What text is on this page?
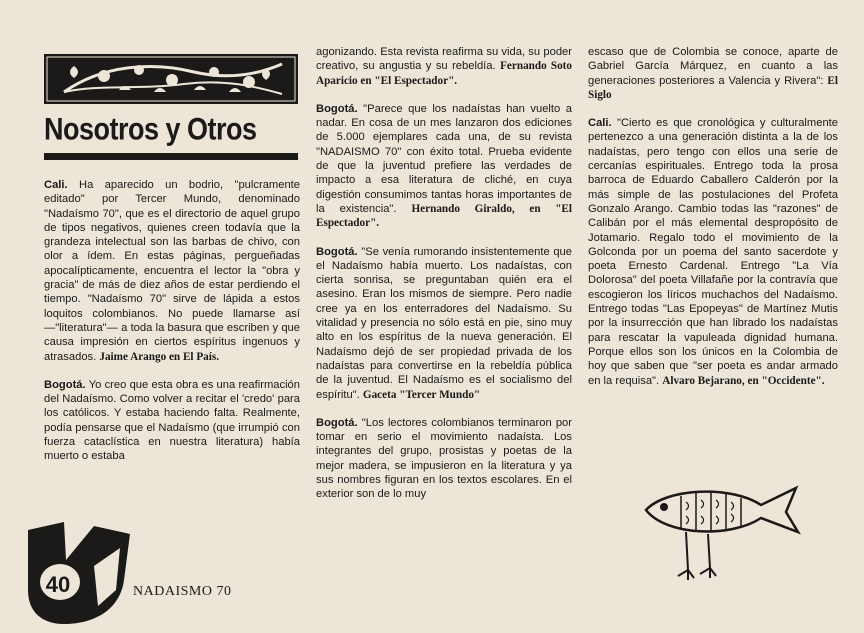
Nosotros y Otros

Cali. Ha aparecido un bodrio, "pulcramente editado" por Tercer Mundo, denominado "Nadaísmo 70", que es el directorio de aquel grupo de tipos negativos, quienes creen todavía que la grandeza intelectual son las barbas de chivo, con olor a ídem. En estas páginas, pergueñadas apocalípticamente, encuentra el lector la "obra y gracia" de más de diez años de estar perdiendo el tiempo. "Nadaísmo 70" sirve de lápida a estos loquitos colombianos. No puede llamarse así —"literatura"— a toda la basura que escriben y que causa impresión en ciertos espíritus ingenuos y atrasados. Jaime Arango en El País.

Bogotá. Yo creo que esta obra es una reafirmación del Nadaísmo. Como volver a recitar el 'credo' para los católicos. Y estaba haciendo falta. Realmente, podía pensarse que el Nadaísmo (que irrumpió con fuerza cataclística en nuestra literatura) había muerto o estaba

agonizando. Esta revista reafirma su vida, su poder creativo, su angustia y su rebeldía. Fernando Soto Aparicio en "El Espectador".

Bogotá. "Parece que los nadaístas han vuelto a nadar. En cosa de un mes lanzaron dos ediciones de 5.000 ejemplares cada una, de su revista "NADAISMO 70" con éxito total. Prueba evidente de que la juventud prefiere las verdades de impacto a esa literatura de cliché, en cuya digestión consumimos tantas horas importantes de la existencia". Hernando Giraldo, en "El Espectador".

Bogotá. "Se venía rumorando insistentemente que el Nadaísmo había muerto. Los nadaístas, con cierta sonrisa, se preguntaban quién era el asesino. Eran los mismos de siempre. Pero nadie cree ya en los enterradores del Nadaísmo. Su vitalidad y presencia no sólo está en pie, sino muy alto en los espíritus de la nueva generación. El Nadaísmo dejó de ser propiedad privada de los nadaístas para convertirse en la rebeldía pública de la juventud. El Nadaísmo es el socialismo del espíritu". Gaceta "Tercer Mundo"

Bogotá. "Los lectores colombianos terminaron por tomar en serio el movimiento nadaísta. Los integrantes del grupo, prosistas y poetas de la mejor madera, se impusieron en la literatura y ya sus nombres figuran en los textos escolares. En el exterior son de lo muy

escaso que de Colombia se conoce, aparte de Gabriel García Márquez, en cuanto a las generaciones posteriores a Valencia y Rivera": El Siglo

Cali. "Cierto es que cronológica y culturalmente pertenezco a una generación distinta a la de los nadaístas, pero tengo con ellos una serie de cercanías espirituales. Entrego toda la prosa barroca de Eduardo Caballero Calderón por la más simple de las postulaciones del Profeta Gonzalo Arango. Cambio todas las "razones" de Calibán por el más elemental despropósito de Jotamario. Regalo todo el movimiento de la Golconda por un poema del santo sacerdote y poeta Ernesto Cardenal. Entrego "La Vía Dolorosa" del poeta Villafañe por la contravía que escogieron los líricos muchachos del Nadaísmo. Entrego todas "Las Epopeyas" de Martínez Mutis por la insurrección que han librado los nadaístas para rescatar la vapuleada dignidad humana. Porque ellos son los únicos en la Colombia de hoy que saben que "ser poeta es andar armado en la requisa". Alvaro Bejarano, en "Occidente".

40	NADAISMO 70
